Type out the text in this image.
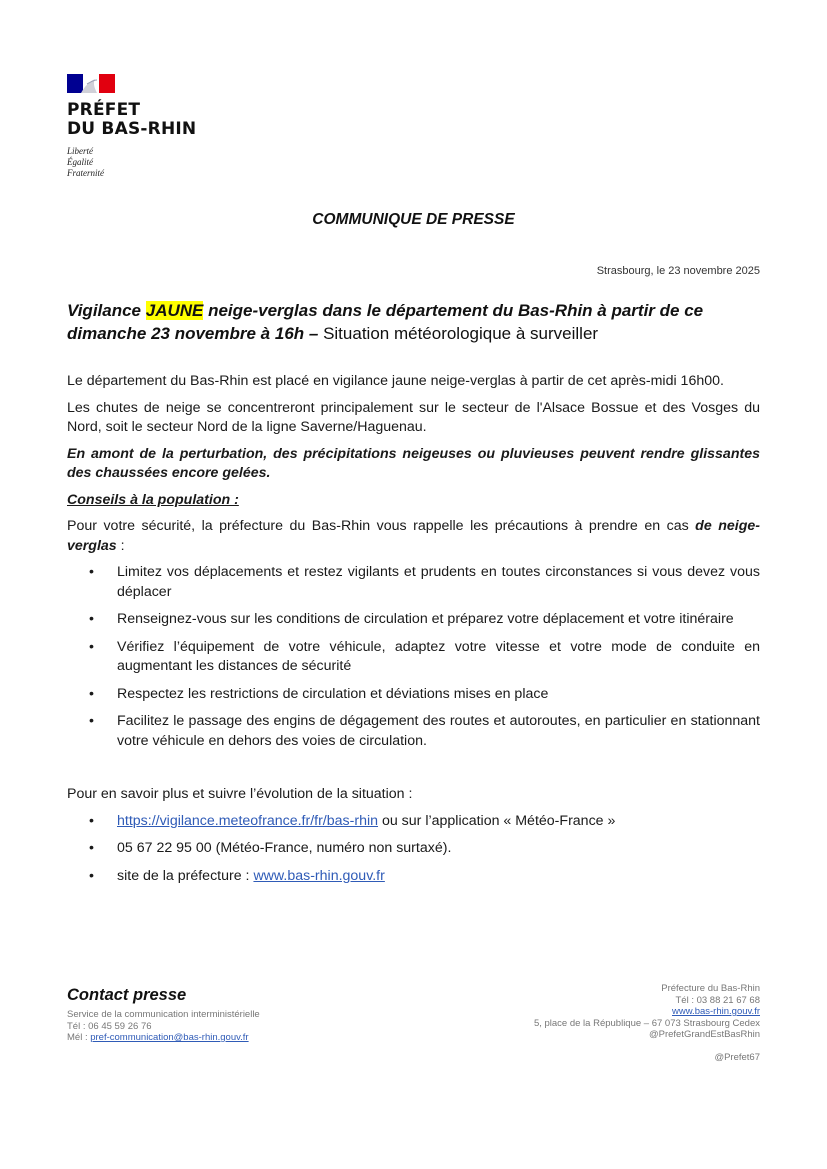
PRÉFET
DU BAS-RHIN
Liberté
Égalité
Fraternité
COMMUNIQUE DE PRESSE
Strasbourg, le 23 novembre 2025
Vigilance JAUNE neige-verglas dans le département du Bas-Rhin à partir de ce dimanche 23 novembre à 16h – Situation météorologique à surveiller

Le département du Bas-Rhin est placé en vigilance jaune neige-verglas à partir de cet après-midi 16h00.

Les chutes de neige se concentreront principalement sur le secteur de l'Alsace Bossue et des Vosges du Nord, soit le secteur Nord de la ligne Saverne/Haguenau.

En amont de la perturbation, des précipitations neigeuses ou pluvieuses peuvent rendre glissantes des chaussées encore gelées.

Conseils à la population :

Pour votre sécurité, la préfecture du Bas-Rhin vous rappelle les précautions à prendre en cas de neige-verglas :

• Limitez vos déplacements et restez vigilants et prudents en toutes circonstances si vous devez vous déplacer
• Renseignez-vous sur les conditions de circulation et préparez votre déplacement et votre itinéraire
• Vérifiez l’équipement de votre véhicule, adaptez votre vitesse et votre mode de conduite en augmentant les distances de sécurité
• Respectez les restrictions de circulation et déviations mises en place
• Facilitez le passage des engins de dégagement des routes et autoroutes, en particulier en stationnant votre véhicule en dehors des voies de circulation.

Pour en savoir plus et suivre l’évolution de la situation :

• https://vigilance.meteofrance.fr/fr/bas-rhin ou sur l’application « Météo-France »
• 05 67 22 95 00 (Météo-France, numéro non surtaxé).
• site de la préfecture : www.bas-rhin.gouv.fr
Contact presse
Service de la communication interministérielle
Tél : 06 45 59 26 76
Mél : pref-communication@bas-rhin.gouv.fr
Préfecture du Bas-Rhin
Tél : 03 88 21 67 68
www.bas-rhin.gouv.fr
5, place de la République – 67 073 Strasbourg Cedex
@PrefetGrandEstBasRhin
@Prefet67
